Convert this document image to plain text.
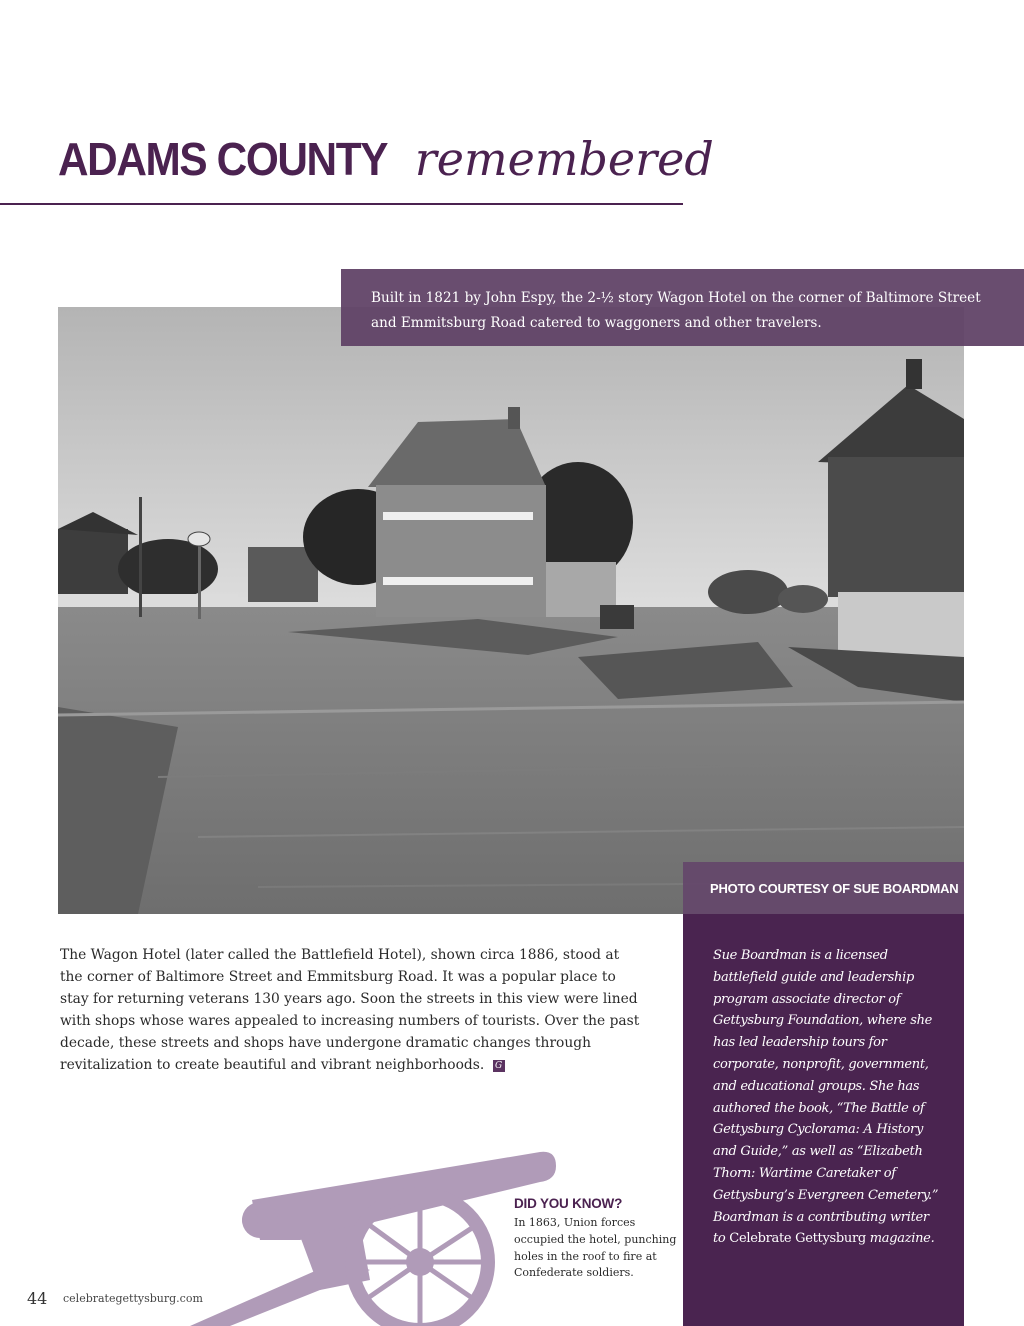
ADAMS COUNTY remembered
Built in 1821 by John Espy, the 2-½ story Wagon Hotel on the corner of Baltimore Street and Emmitsburg Road catered to waggoners and other travelers.
PHOTO COURTESY OF SUE BOARDMAN
The Wagon Hotel (later called the Battlefield Hotel), shown circa 1886, stood at the corner of Baltimore Street and Emmitsburg Road. It was a popular place to stay for returning veterans 130 years ago. Soon the streets in this view were lined with shops whose wares appealed to increasing numbers of tourists. Over the past decade, these streets and shops have undergone dramatic changes through revitalization to create beautiful and vibrant neighborhoods. G
Sue Boardman is a licensed battlefield guide and leadership program associate director of Gettysburg Foundation, where she has led leadership tours for corporate, nonprofit, government, and educational groups. She has authored the book, “The Battle of Gettysburg Cyclorama: A History and Guide,” as well as “Elizabeth Thorn: Wartime Caretaker of Gettysburg’s Evergreen Cemetery.” Boardman is a contributing writer to Celebrate Gettysburg magazine.
DID YOU KNOW?
In 1863, Union forces occupied the hotel, punching holes in the roof to fire at Confederate soldiers.
44 celebrategettysburg.com
